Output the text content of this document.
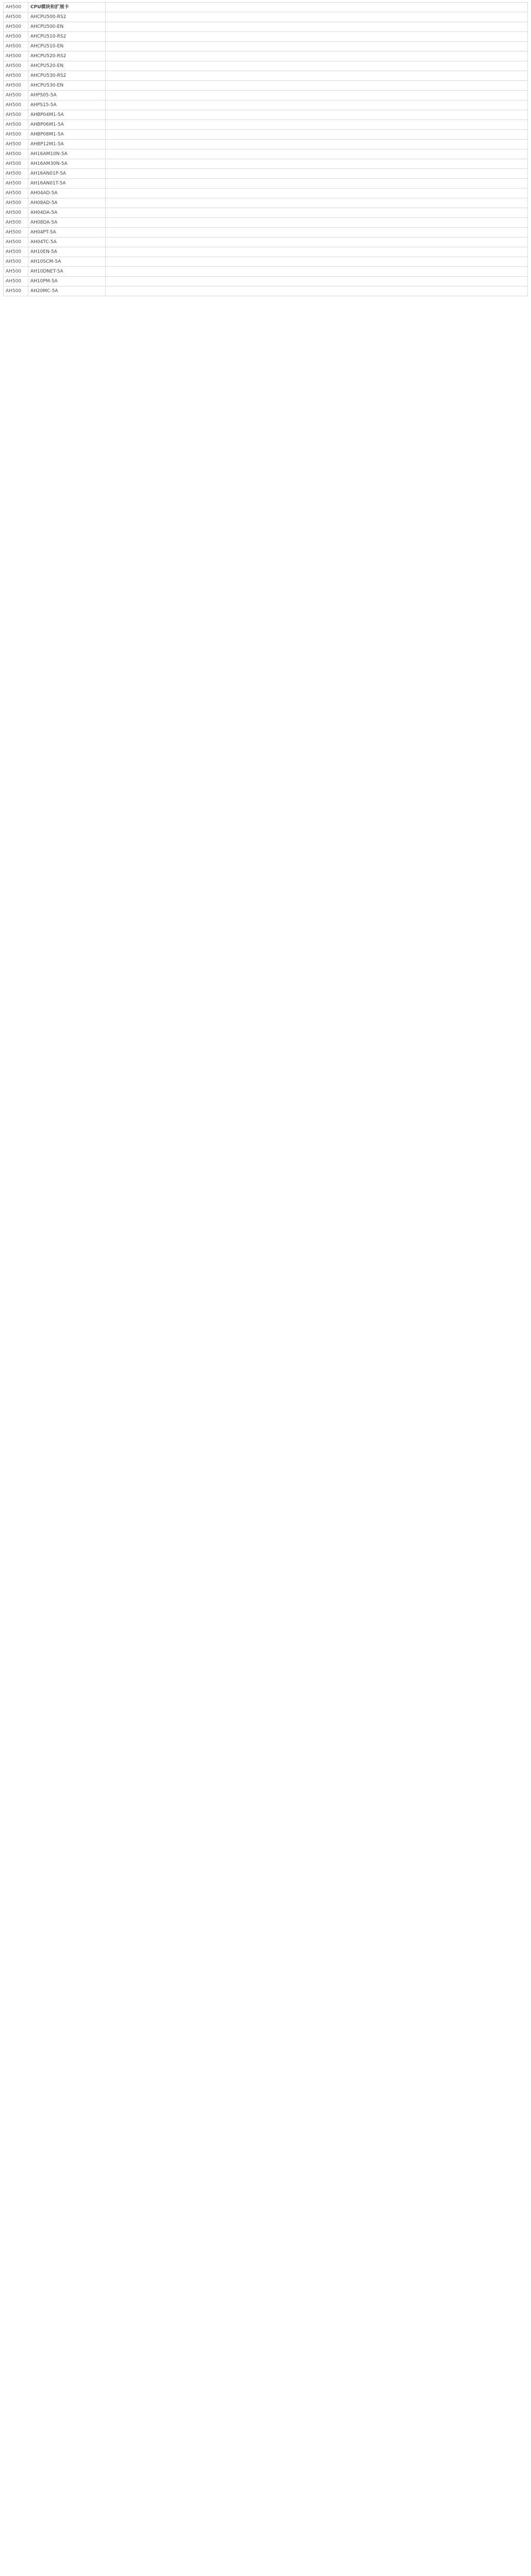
AH500	CPU模块和扩展卡	
AH500	AHCPU500-RS2	
AH500	AHCPU500-EN	
AH500	AHCPU510-RS2	
AH500	AHCPU510-EN	
AH500	AHCPU520-RS2	
AH500	AHCPU520-EN	
AH500	AHCPU530-RS2	
AH500	AHCPU530-EN	
AH500	AHPS05-5A	
AH500	AHPS15-5A	
AH500	AHBP04M1-5A	
AH500	AHBP06M1-5A	
AH500	AHBP08M1-5A	
AH500	AHBP12M1-5A	
AH500	AH16AM10N-5A	
AH500	AH16AM30N-5A	
AH500	AH16AN01P-5A	
AH500	AH16AN01T-5A	
AH500	AH04AD-5A	
AH500	AH08AD-5A	
AH500	AH04DA-5A	
AH500	AH08DA-5A	
AH500	AH04PT-5A	
AH500	AH04TC-5A	
AH500	AH10EN-5A	
AH500	AH10SCM-5A	
AH500	AH10DNET-5A	
AH500	AH10PM-5A	
AH500	AH20MC-5A	
